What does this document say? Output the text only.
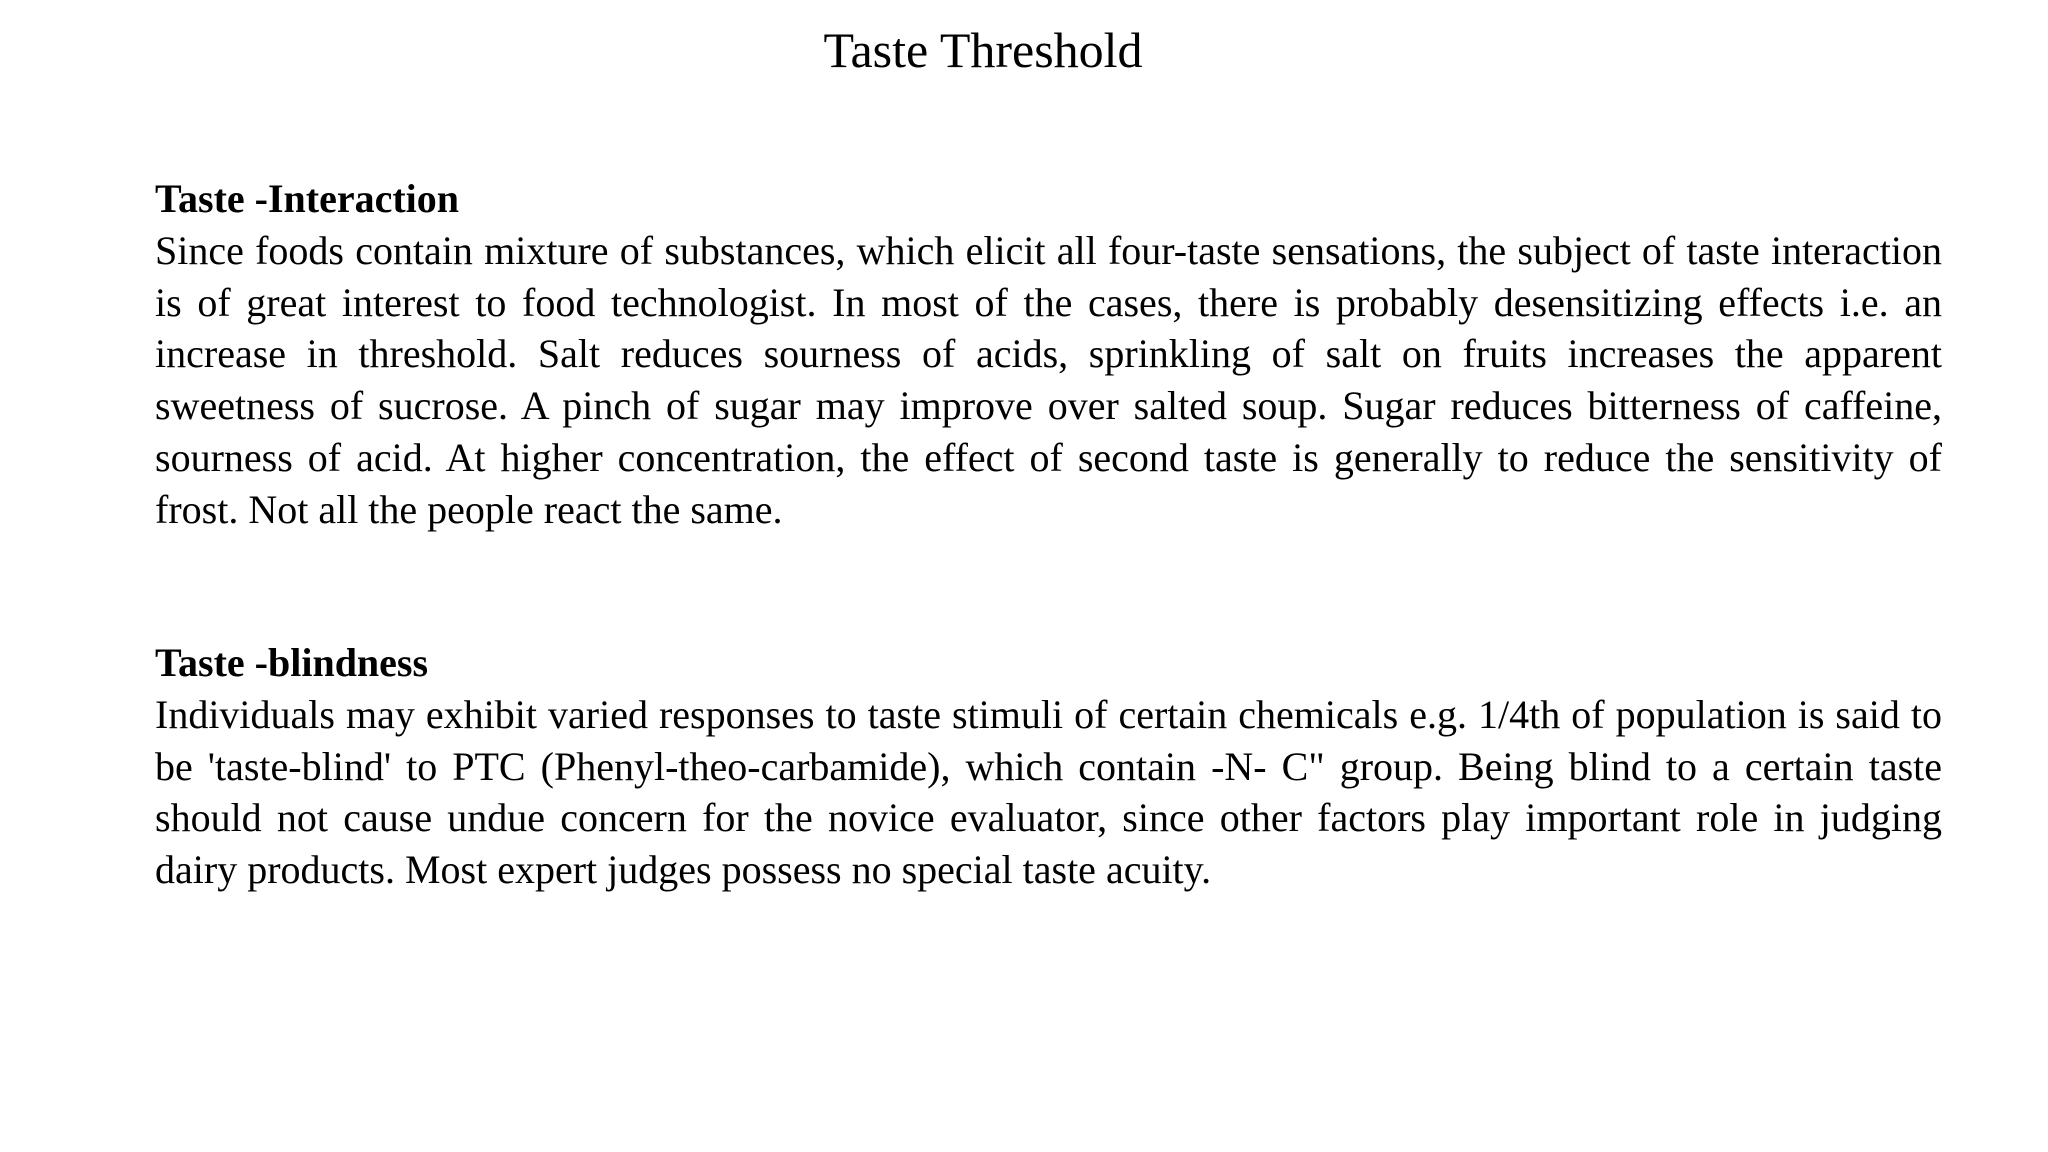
Taste Threshold

Taste -Interaction

Since foods contain mixture of substances, which elicit all four-taste sensations, the subject of taste interaction is of great interest to food technologist. In most of the cases, there is probably desensitizing effects i.e. an increase in threshold. Salt reduces sourness of acids, sprinkling of salt on fruits increases the apparent sweetness of sucrose. A pinch of sugar may improve over salted soup. Sugar reduces bitterness of caffeine, sourness of acid. At higher concentration, the effect of second taste is generally to reduce the sensitivity of frost. Not all the people react the same.

Taste -blindness

Individuals may exhibit varied responses to taste stimuli of certain chemicals e.g. 1/4th of population is said to be 'taste-blind' to PTC (Phenyl-theo-carbamide), which contain -N- C" group. Being blind to a certain taste should not cause undue concern for the novice evaluator, since other factors play important role in judging dairy products. Most expert judges possess no special taste acuity.
